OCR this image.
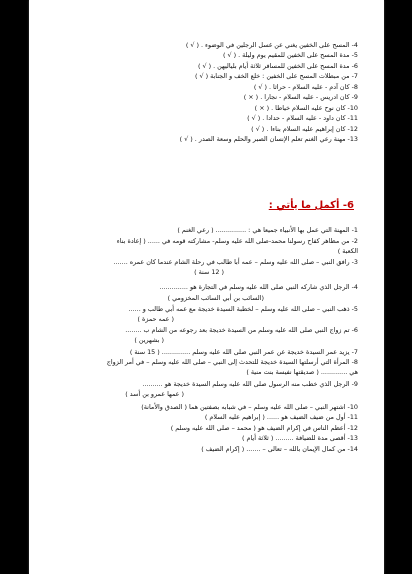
4- المسح على الخفين يغني عن غسل الرجلين في الوضوء . ( √ )
5- مدة المسح على الخفين للمقيم يوم وليلة . ( √ )
6- مدة المسح على الخفين للمسافر ثلاثة أيام بلياليهن . ( √ )
7- من مبطلات المسح على الخفين : خلع الخف و الجنابة ( √ )
8- كان آدم - عليه السلام - حراثا . ( √ )
9- كان ادريس - عليه السلام - نجارا . ( × )
10- كان نوح عليه السلام خياطا . ( × )
11- كان داود - عليه السلام - حدادا . ( √ )
12- كان إبراهيم عليه السلام بناءا . ( √ )
13- مهنة رعي الغنم تعلم الإنسان الصبر والحلم وسعة الصدر . ( √ )
6- أكمل ما يأتي :
1- المهنة التي عمل بها الأنبياء جميعا هي : ............... ( رعي الغنم )
2- من مظاهر كفاح رسولنا محمد-صلى الله عليه وسلم- مشاركته قومه في ...... ( إعادة بناء
الكعبة )
3- رافق النبي – صلى الله عليه وسلم – عمه أبا طالب في رحلة الشام عندما كان عمره .......
( 12 سنة )
4- الرجل الذي شاركه النبي صلى الله عليه وسلم في التجارة هو ..............
(السائب بن أبي السائب المخزومي )
5- ذهب النبي – صلى الله عليه وسلم – لخطبة السيدة خديجة مع عمه أبي طالب و ......
( عمه حمزة )
6- تم زواج النبي صلى الله عليه وسلم من السيدة خديجة بعد رجوعه من الشام ب ........
( بشهرين )
7- يزيد عمر السيدة خديجة عن عمر النبي صلى الله عليه وسلم .............. ( 15 سنة )
8- المرأة التي أرسلتها السيدة خديجة للتحدث إلى النبي – صلى الله عليه وسلم – في أمر الزواج
هي ............. ( صديقتها نفيسة بنت منية )
9- الرجل الذي خطب منه الرسول صلى الله عليه وسلم السيدة خديجة هو ..........
( عمها عمرو بن أسد )
10- اشتهر النبي – صلى الله عليه وسلم – في شبابه بصفتين هما ( الصدق والأمانة)
11- أول من ضيف الضيف هو ...... ( إبراهيم عليه السلام )
12- أعظم الناس في إكرام الضيف هو ( محمد – صلى الله عليه وسلم )
13- أقصى مدة للضيافة ......... ( ثلاثة أيام )
14- من كمال الإيمان بالله – تعالى – ....... ( إكرام الضيف )
